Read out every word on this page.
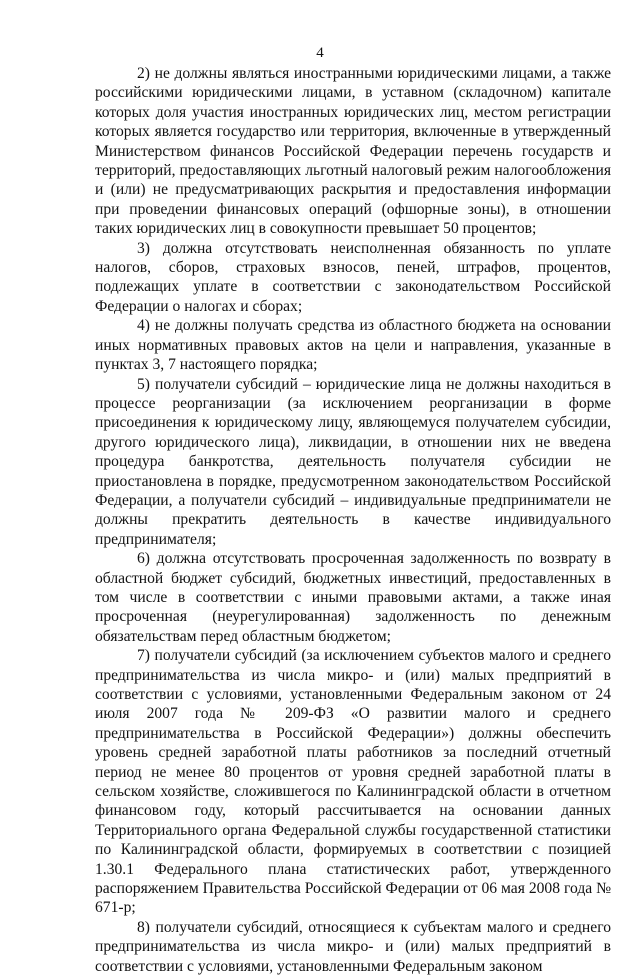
4

2) не должны являться иностранными юридическими лицами, а также российскими юридическими лицами, в уставном (складочном) капитале которых доля участия иностранных юридических лиц, местом регистрации которых является государство или территория, включенные в утвержденный Министерством финансов Российской Федерации перечень государств и территорий, предоставляющих льготный налоговый режим налогообложения и (или) не предусматривающих раскрытия и предоставления информации при проведении финансовых операций (офшорные зоны), в отношении таких юридических лиц в совокупности превышает 50 процентов;

3) должна отсутствовать неисполненная обязанность по уплате налогов, сборов, страховых взносов, пеней, штрафов, процентов, подлежащих уплате в соответствии с законодательством Российской Федерации о налогах и сборах;

4) не должны получать средства из областного бюджета на основании иных нормативных правовых актов на цели и направления, указанные в пунктах 3, 7 настоящего порядка;

5) получатели субсидий – юридические лица не должны находиться в процессе реорганизации (за исключением реорганизации в форме присоединения к юридическому лицу, являющемуся получателем субсидии, другого юридического лица), ликвидации, в отношении них не введена процедура банкротства, деятельность получателя субсидии не приостановлена в порядке, предусмотренном законодательством Российской Федерации, а получатели субсидий – индивидуальные предприниматели не должны прекратить деятельность в качестве индивидуального предпринимателя;

6) должна отсутствовать просроченная задолженность по возврату в областной бюджет субсидий, бюджетных инвестиций, предоставленных в том числе в соответствии с иными правовыми актами, а также иная просроченная (неурегулированная) задолженность по денежным обязательствам перед областным бюджетом;

7) получатели субсидий (за исключением субъектов малого и среднего предпринимательства из числа микро- и (или) малых предприятий в соответствии с условиями, установленными Федеральным законом от 24 июля 2007 года № 209-ФЗ «О развитии малого и среднего предпринимательства в Российской Федерации») должны обеспечить уровень средней заработной платы работников за последний отчетный период не менее 80 процентов от уровня средней заработной платы в сельском хозяйстве, сложившегося по Калининградской области в отчетном финансовом году, который рассчитывается на основании данных Территориального органа Федеральной службы государственной статистики по Калининградской области, формируемых в соответствии с позицией 1.30.1 Федерального плана статистических работ, утвержденного распоряжением Правительства Российской Федерации от 06 мая 2008 года № 671-р;

8) получатели субсидий, относящиеся к субъектам малого и среднего предпринимательства из числа микро- и (или) малых предприятий в соответствии с условиями, установленными Федеральным законом
